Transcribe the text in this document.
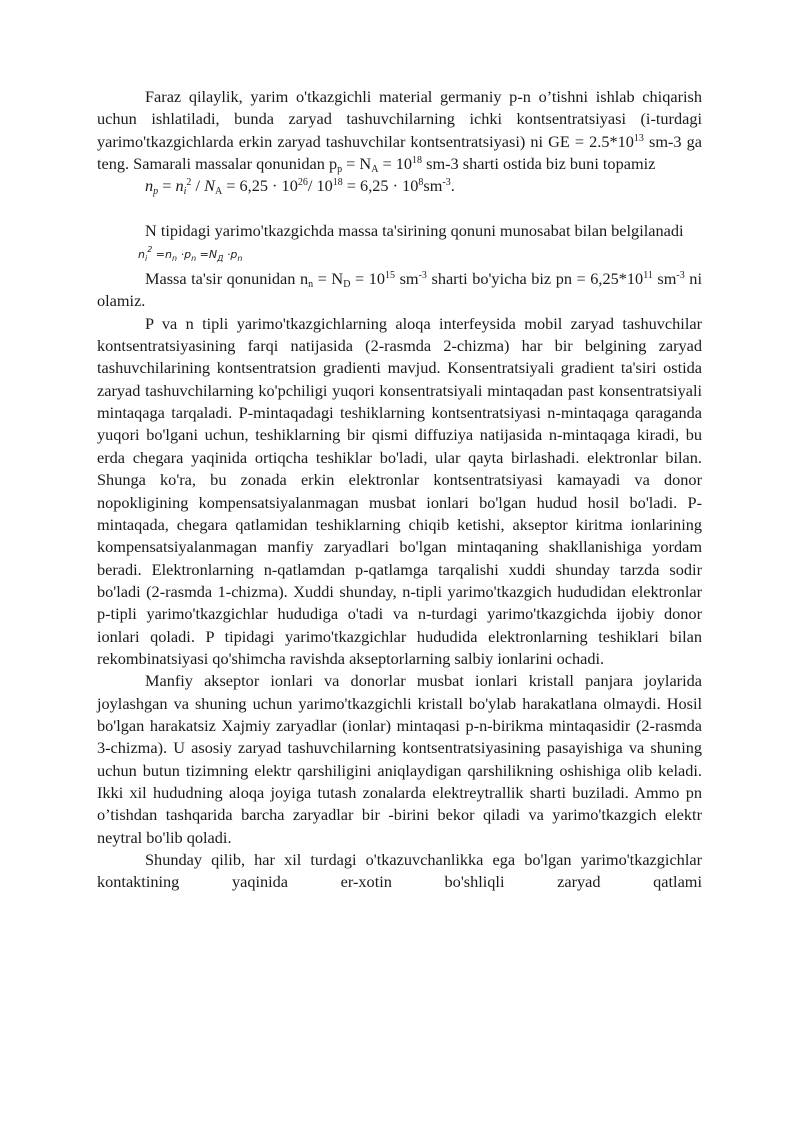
Faraz qilaylik, yarim o'tkazgichli material germaniy p-n o’tishni ishlab chiqarish uchun ishlatiladi, bunda zaryad tashuvchilarning ichki kontsentratsiyasi (i-turdagi yarimo'tkazgichlarda erkin zaryad tashuvchilar kontsentratsiyasi) ni GE = $2.5*10^{13}$ sm-3 ga teng. Samarali massalar qonunidan $p_p = N_A = 10^{18}$ sm-3 sharti ostida biz buni topamiz

$n_p = n_i^2 / N_A = 6,25 \cdot 10^{26}/$ $10^{18} = 6,25 \cdot 10^8sm^{-3}$.

N tipidagi yarimo'tkazgichda massa ta'sirining qonuni munosabat bilan belgilanadi

$n_i^2 =n_n \cdot p_n =N_Д \cdot p_n$

Massa ta'sir qonunidan $n_n = N_D = 10^{15}$ $sm^{-3}$ sharti bo'yicha biz pn = $6,25*10^{11}$ $sm^{-3}$ ni olamiz.

P va n tipli yarimo'tkazgichlarning aloqa interfeysida mobil zaryad tashuvchilar kontsentratsiyasining farqi natijasida (2-rasmda 2-chizma) har bir belgining zaryad tashuvchilarining kontsentratsion gradienti mavjud. Konsentratsiyali gradient ta'siri ostida zaryad tashuvchilarning ko'pchiligi yuqori konsentratsiyali mintaqadan past konsentratsiyali mintaqaga tarqaladi. P-mintaqadagi teshiklarning kontsentratsiyasi n-mintaqaga qaraganda yuqori bo'lgani uchun, teshiklarning bir qismi diffuziya natijasida n-mintaqaga kiradi, bu erda chegara yaqinida ortiqcha teshiklar bo'ladi, ular qayta birlashadi. elektronlar bilan. Shunga ko'ra, bu zonada erkin elektronlar kontsentratsiyasi kamayadi va donor nopokligining kompensatsiyalanmagan musbat ionlari bo'lgan hudud hosil bo'ladi. P-mintaqada, chegara qatlamidan teshiklarning chiqib ketishi, akseptor kiritma ionlarining kompensatsiyalanmagan manfiy zaryadlari bo'lgan mintaqaning shakllanishiga yordam beradi. Elektronlarning n-qatlamdan p-qatlamga tarqalishi xuddi shunday tarzda sodir bo'ladi (2-rasmda 1-chizma). Xuddi shunday, n-tipli yarimo'tkazgich hududidan elektronlar p-tipli yarimo'tkazgichlar hududiga o'tadi va n-turdagi yarimo'tkazgichda ijobiy donor ionlari qoladi. P tipidagi yarimo'tkazgichlar hududida elektronlarning teshiklari bilan rekombinatsiyasi qo'shimcha ravishda akseptorlarning salbiy ionlarini ochadi.

Manfiy akseptor ionlari va donorlar musbat ionlari kristall panjara joylarida joylashgan va shuning uchun yarimo'tkazgichli kristall bo'ylab harakatlana olmaydi. Hosil bo'lgan harakatsiz Xajmiy zaryadlar (ionlar) mintaqasi p-n-birikma mintaqasidir (2-rasmda 3-chizma). U asosiy zaryad tashuvchilarning kontsentratsiyasining pasayishiga va shuning uchun butun tizimning elektr qarshiligini aniqlaydigan qarshilikning oshishiga olib keladi. Ikki xil hududning aloqa joyiga tutash zonalarda elektreytrallik sharti buziladi. Ammo pn o’tishdan tashqarida barcha zaryadlar bir -birini bekor qiladi va yarimo'tkazgich elektr neytral bo'lib qoladi.

Shunday qilib, har xil turdagi o'tkazuvchanlikka ega bo'lgan yarimo'tkazgichlar kontaktining yaqinida er-xotin bo'shliqli zaryad qatlami
